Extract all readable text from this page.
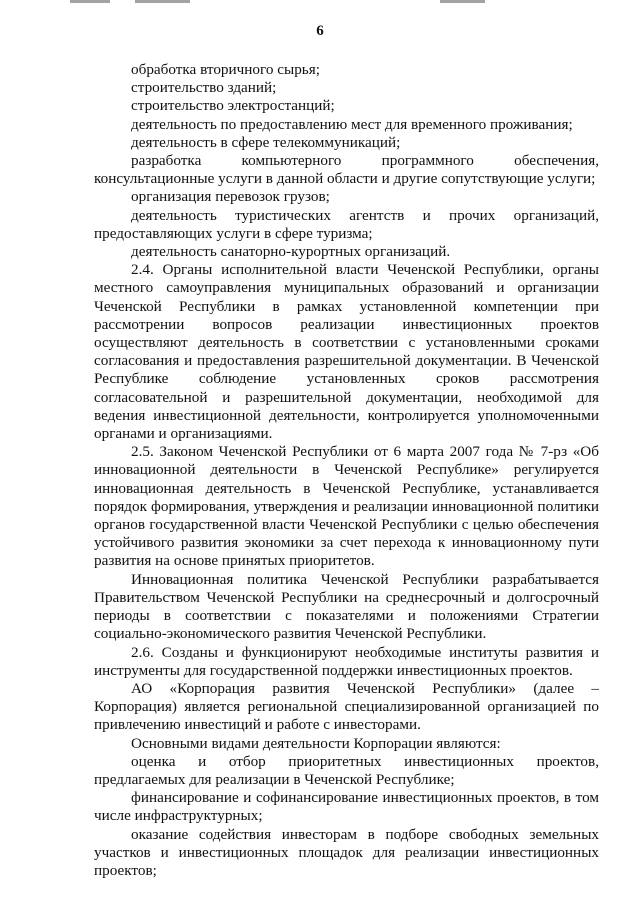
6

обработка вторичного сырья;

строительство зданий;

строительство электростанций;

деятельность по предоставлению мест для временного проживания;

деятельность в сфере телекоммуникаций;

разработка компьютерного программного обеспечения, консультационные услуги в данной области и другие сопутствующие услуги;

организация перевозок грузов;

деятельность туристических агентств и прочих организаций, предоставляющих услуги в сфере туризма;

деятельность санаторно-курортных организаций.

2.4. Органы исполнительной власти Чеченской Республики, органы местного самоуправления муниципальных образований и организации Чеченской Республики в рамках установленной компетенции при рассмотрении вопросов реализации инвестиционных проектов осуществляют деятельность в соответствии с установленными сроками согласования и предоставления разрешительной документации. В Чеченской Республике соблюдение установленных сроков рассмотрения согласовательной и разрешительной документации, необходимой для ведения инвестиционной деятельности, контролируется уполномоченными органами и организациями.

2.5. Законом Чеченской Республики от 6 марта 2007 года № 7-рз «Об инновационной деятельности в Чеченской Республике» регулируется инновационная деятельность в Чеченской Республике, устанавливается порядок формирования, утверждения и реализации инновационной политики органов государственной власти Чеченской Республики с целью обеспечения устойчивого развития экономики за счет перехода к инновационному пути развития на основе принятых приоритетов.

Инновационная политика Чеченской Республики разрабатывается Правительством Чеченской Республики на среднесрочный и долгосрочный периоды в соответствии с показателями и положениями Стратегии социально-экономического развития Чеченской Республики.

2.6. Созданы и функционируют необходимые институты развития и инструменты для государственной поддержки инвестиционных проектов.

АО «Корпорация развития Чеченской Республики» (далее – Корпорация) является региональной специализированной организацией по привлечению инвестиций и работе с инвесторами.

Основными видами деятельности Корпорации являются:

оценка и отбор приоритетных инвестиционных проектов, предлагаемых для реализации в Чеченской Республике;

финансирование и софинансирование инвестиционных проектов, в том числе инфраструктурных;

оказание содействия инвесторам в подборе свободных земельных участков и инвестиционных площадок для реализации инвестиционных проектов;
